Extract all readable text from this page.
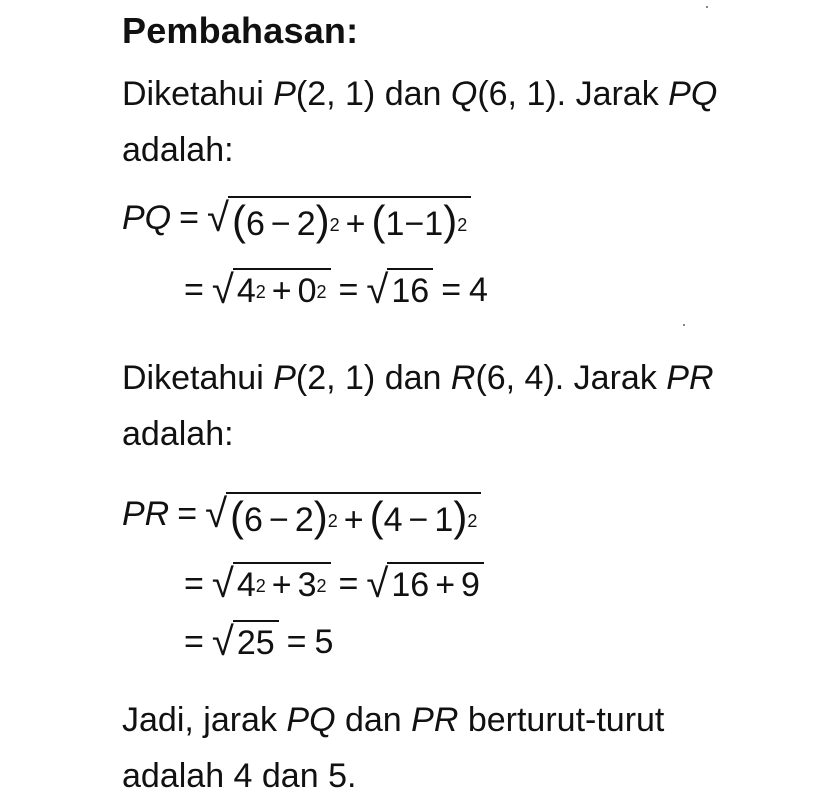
Pembahasan:
Diketahui P(2, 1) dan Q(6, 1). Jarak PQ adalah:
PQ = √ ( 6 − 2 )$^2$ + ( 1 − 1 )$^2$
= √ $4^2 + 0^2$ = √ 16 = 4
Diketahui P(2, 1) dan R(6, 4). Jarak PR adalah:
PR = √ ( 6 − 2 )$^2$ + ( 4 − 1 )$^2$
= √ $4^2 + 3^2$ = √ 16 + 9
= √ 25 = 5
Jadi, jarak PQ dan PR berturut-turut adalah 4 dan 5.
